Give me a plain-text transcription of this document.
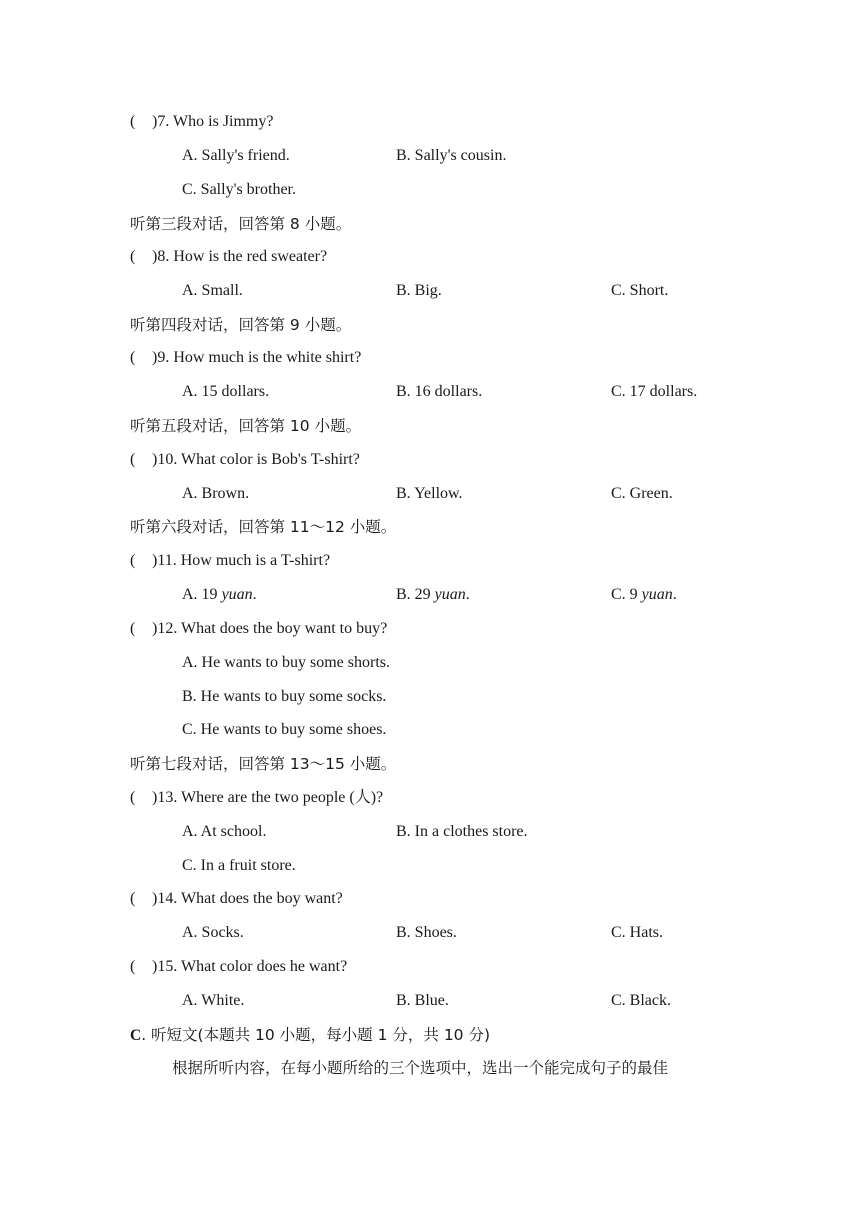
( )7. Who is Jimmy?
A. Sally's friend.	B. Sally's cousin.
C. Sally's brother.
听第三段对话，回答第 8 小题。
( )8. How is the red sweater?
A. Small.	B. Big.	C. Short.
听第四段对话，回答第 9 小题。
( )9. How much is the white shirt?
A. 15 dollars.	B. 16 dollars.	C. 17 dollars.
听第五段对话，回答第 10 小题。
( )10. What color is Bob's T-shirt?
A. Brown.	B. Yellow.	C. Green.
听第六段对话，回答第 11～12 小题。
( )11. How much is a T-shirt?
A. 19 yuan.	B. 29 yuan.	C. 9 yuan.
( )12. What does the boy want to buy?
A. He wants to buy some shorts.
B. He wants to buy some socks.
C. He wants to buy some shoes.
听第七段对话，回答第 13～15 小题。
( )13. Where are the two people (人)?
A. At school.	B. In a clothes store.
C. In a fruit store.
( )14. What does the boy want?
A. Socks.	B. Shoes.	C. Hats.
( )15. What color does he want?
A. White.	B. Blue.	C. Black.
C. 听短文(本题共 10 小题，每小题 1 分，共 10 分)
根据所听内容，在每小题所给的三个选项中，选出一个能完成句子的最佳
